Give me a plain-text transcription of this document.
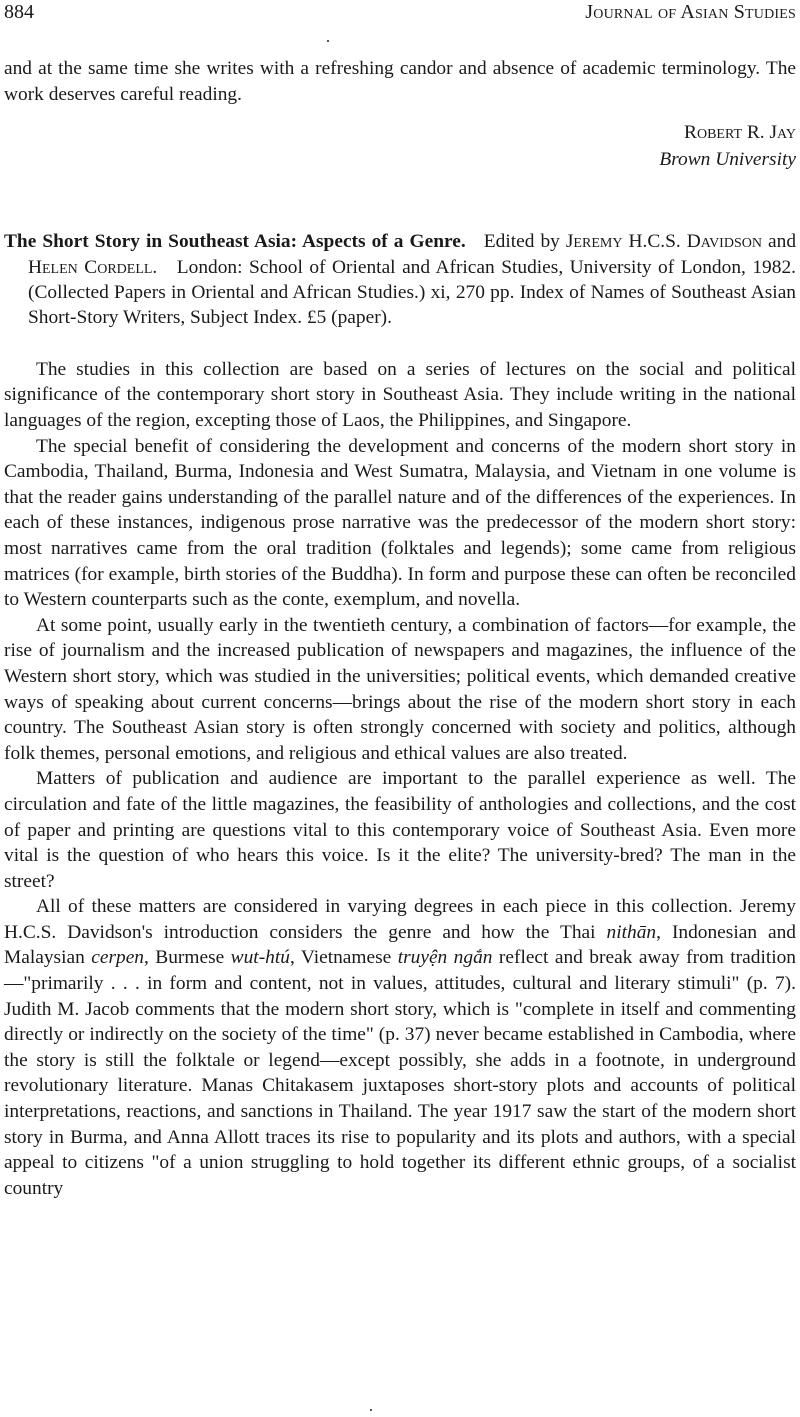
884	Journal of Asian Studies

and at the same time she writes with a refreshing candor and absence of academic terminology. The work deserves careful reading.

Robert R. Jay
Brown University

The Short Story in Southeast Asia: Aspects of a Genre. Edited by Jeremy H.C.S. Davidson and Helen Cordell. London: School of Oriental and African Studies, University of London, 1982. (Collected Papers in Oriental and African Studies.) xi, 270 pp. Index of Names of Southeast Asian Short-Story Writers, Subject Index. £5 (paper).

The studies in this collection are based on a series of lectures on the social and political significance of the contemporary short story in Southeast Asia. They include writing in the national languages of the region, excepting those of Laos, the Philippines, and Singapore.

The special benefit of considering the development and concerns of the modern short story in Cambodia, Thailand, Burma, Indonesia and West Sumatra, Malaysia, and Vietnam in one volume is that the reader gains understanding of the parallel nature and of the differences of the experiences. In each of these instances, indigenous prose narrative was the predecessor of the modern short story: most narratives came from the oral tradition (folktales and legends); some came from religious matrices (for example, birth stories of the Buddha). In form and purpose these can often be reconciled to Western counterparts such as the conte, exemplum, and novella.

At some point, usually early in the twentieth century, a combination of factors—for example, the rise of journalism and the increased publication of newspapers and magazines, the influence of the Western short story, which was studied in the universities; political events, which demanded creative ways of speaking about current concerns—brings about the rise of the modern short story in each country. The Southeast Asian story is often strongly concerned with society and politics, although folk themes, personal emotions, and religious and ethical values are also treated.

Matters of publication and audience are important to the parallel experience as well. The circulation and fate of the little magazines, the feasibility of anthologies and collections, and the cost of paper and printing are questions vital to this contemporary voice of Southeast Asia. Even more vital is the question of who hears this voice. Is it the elite? The university-bred? The man in the street?

All of these matters are considered in varying degrees in each piece in this collection. Jeremy H.C.S. Davidson's introduction considers the genre and how the Thai nithān, Indonesian and Malaysian cerpen, Burmese wut-htú, Vietnamese truyện ngắn reflect and break away from tradition—"primarily . . . in form and content, not in values, attitudes, cultural and literary stimuli" (p. 7). Judith M. Jacob comments that the modern short story, which is "complete in itself and commenting directly or indirectly on the society of the time" (p. 37) never became established in Cambodia, where the story is still the folktale or legend—except possibly, she adds in a footnote, in underground revolutionary literature. Manas Chitakasem juxtaposes short-story plots and accounts of political interpretations, reactions, and sanctions in Thailand. The year 1917 saw the start of the modern short story in Burma, and Anna Allott traces its rise to popularity and its plots and authors, with a special appeal to citizens "of a union struggling to hold together its different ethnic groups, of a socialist country
